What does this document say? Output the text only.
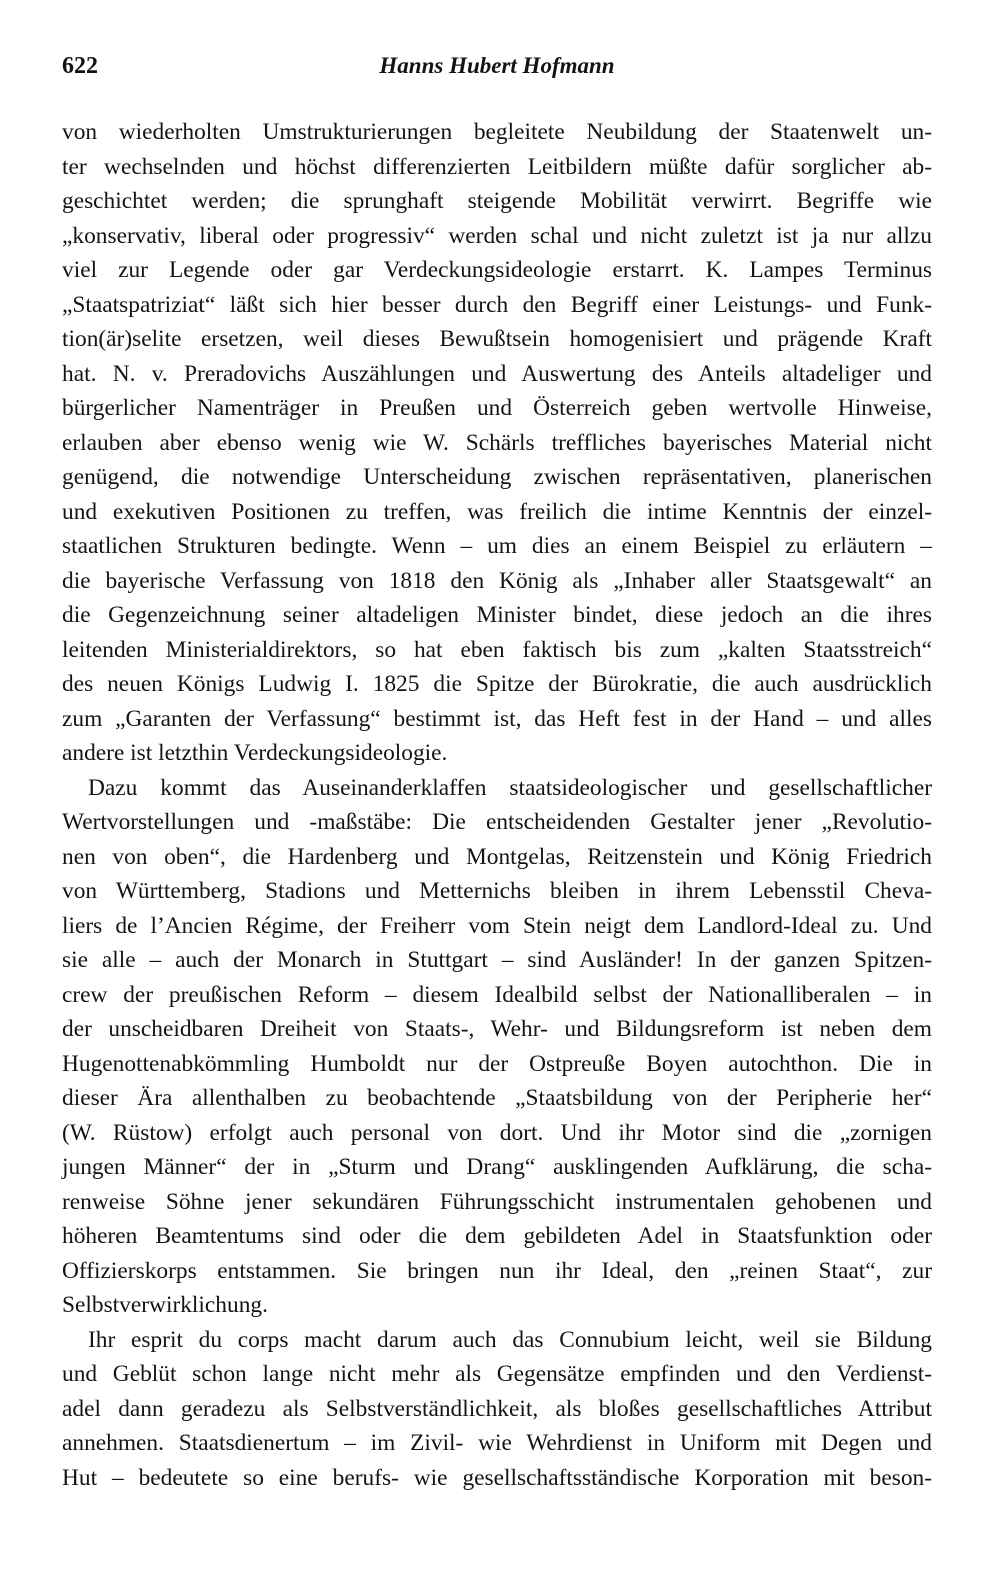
622	Hanns Hubert Hofmann
von wiederholten Umstrukturierungen begleitete Neubildung der Staatenwelt un-
ter wechselnden und höchst differenzierten Leitbildern müßte dafür sorglicher ab-
geschichtet werden; die sprunghaft steigende Mobilität verwirrt. Begriffe wie
„konservativ, liberal oder progressiv“ werden schal und nicht zuletzt ist ja nur allzu
viel zur Legende oder gar Verdeckungsideologie erstarrt. K. Lampes Terminus
„Staatspatriziat“ läßt sich hier besser durch den Begriff einer Leistungs- und Funk-
tion(är)selite ersetzen, weil dieses Bewußtsein homogenisiert und prägende Kraft
hat. N. v. Preradovichs Auszählungen und Auswertung des Anteils altadeliger und
bürgerlicher Namenträger in Preußen und Österreich geben wertvolle Hinweise,
erlauben aber ebenso wenig wie W. Schärls treffliches bayerisches Material nicht
genügend, die notwendige Unterscheidung zwischen repräsentativen, planerischen
und exekutiven Positionen zu treffen, was freilich die intime Kenntnis der einzel-
staatlichen Strukturen bedingte. Wenn – um dies an einem Beispiel zu erläutern –
die bayerische Verfassung von 1818 den König als „Inhaber aller Staatsgewalt“ an
die Gegenzeichnung seiner altadeligen Minister bindet, diese jedoch an die ihres
leitenden Ministerialdirektors, so hat eben faktisch bis zum „kalten Staatsstreich“
des neuen Königs Ludwig I. 1825 die Spitze der Bürokratie, die auch ausdrücklich
zum „Garanten der Verfassung“ bestimmt ist, das Heft fest in der Hand – und alles
andere ist letzthin Verdeckungsideologie.
Dazu kommt das Auseinanderklaffen staatsideologischer und gesellschaftlicher
Wertvorstellungen und -maßstäbe: Die entscheidenden Gestalter jener „Revolutio-
nen von oben“, die Hardenberg und Montgelas, Reitzenstein und König Friedrich
von Württemberg, Stadions und Metternichs bleiben in ihrem Lebensstil Cheva-
liers de l’Ancien Régime, der Freiherr vom Stein neigt dem Landlord-Ideal zu. Und
sie alle – auch der Monarch in Stuttgart – sind Ausländer! In der ganzen Spitzen-
crew der preußischen Reform – diesem Idealbild selbst der Nationalliberalen – in
der unscheidbaren Dreiheit von Staats-, Wehr- und Bildungsreform ist neben dem
Hugenottenabkömmling Humboldt nur der Ostpreuße Boyen autochthon. Die in
dieser Ära allenthalben zu beobachtende „Staatsbildung von der Peripherie her“
(W. Rüstow) erfolgt auch personal von dort. Und ihr Motor sind die „zornigen
jungen Männer“ der in „Sturm und Drang“ ausklingenden Aufklärung, die scha-
renweise Söhne jener sekundären Führungsschicht instrumentalen gehobenen und
höheren Beamtentums sind oder die dem gebildeten Adel in Staatsfunktion oder
Offizierskorps entstammen. Sie bringen nun ihr Ideal, den „reinen Staat“, zur
Selbstverwirklichung.
Ihr esprit du corps macht darum auch das Connubium leicht, weil sie Bildung
und Geblüt schon lange nicht mehr als Gegensätze empfinden und den Verdienst-
adel dann geradezu als Selbstverständlichkeit, als bloßes gesellschaftliches Attribut
annehmen. Staatsdienertum – im Zivil- wie Wehrdienst in Uniform mit Degen und
Hut – bedeutete so eine berufs- wie gesellschaftsständische Korporation mit beson-
